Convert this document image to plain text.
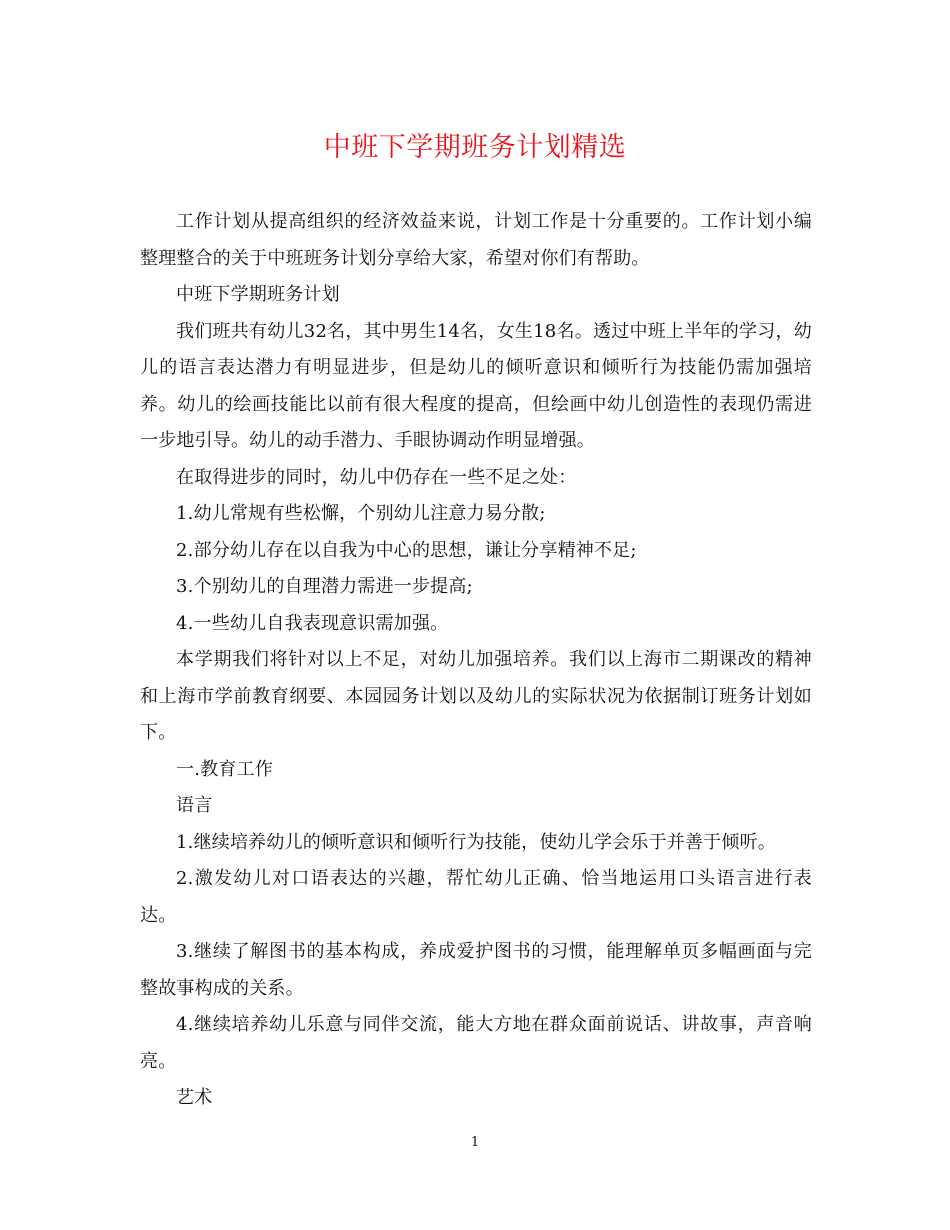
中班下学期班务计划精选

工作计划从提高组织的经济效益来说，计划工作是十分重要的。工作计划小编整理整合的关于中班班务计划分享给大家，希望对你们有帮助。

中班下学期班务计划

我们班共有幼儿32名，其中男生14名，女生18名。透过中班上半年的学习，幼儿的语言表达潜力有明显进步，但是幼儿的倾听意识和倾听行为技能仍需加强培养。幼儿的绘画技能比以前有很大程度的提高，但绘画中幼儿创造性的表现仍需进一步地引导。幼儿的动手潜力、手眼协调动作明显增强。

在取得进步的同时，幼儿中仍存在一些不足之处：

1.幼儿常规有些松懈，个别幼儿注意力易分散;

2.部分幼儿存在以自我为中心的思想，谦让分享精神不足;

3.个别幼儿的自理潜力需进一步提高;

4.一些幼儿自我表现意识需加强。

本学期我们将针对以上不足，对幼儿加强培养。我们以上海市二期课改的精神和上海市学前教育纲要、本园园务计划以及幼儿的实际状况为依据制订班务计划如下。

一.教育工作

语言

1.继续培养幼儿的倾听意识和倾听行为技能，使幼儿学会乐于并善于倾听。

2.激发幼儿对口语表达的兴趣，帮忙幼儿正确、恰当地运用口头语言进行表达。

3.继续了解图书的基本构成，养成爱护图书的习惯，能理解单页多幅画面与完整故事构成的关系。

4.继续培养幼儿乐意与同伴交流，能大方地在群众面前说话、讲故事，声音响亮。

艺术

1
